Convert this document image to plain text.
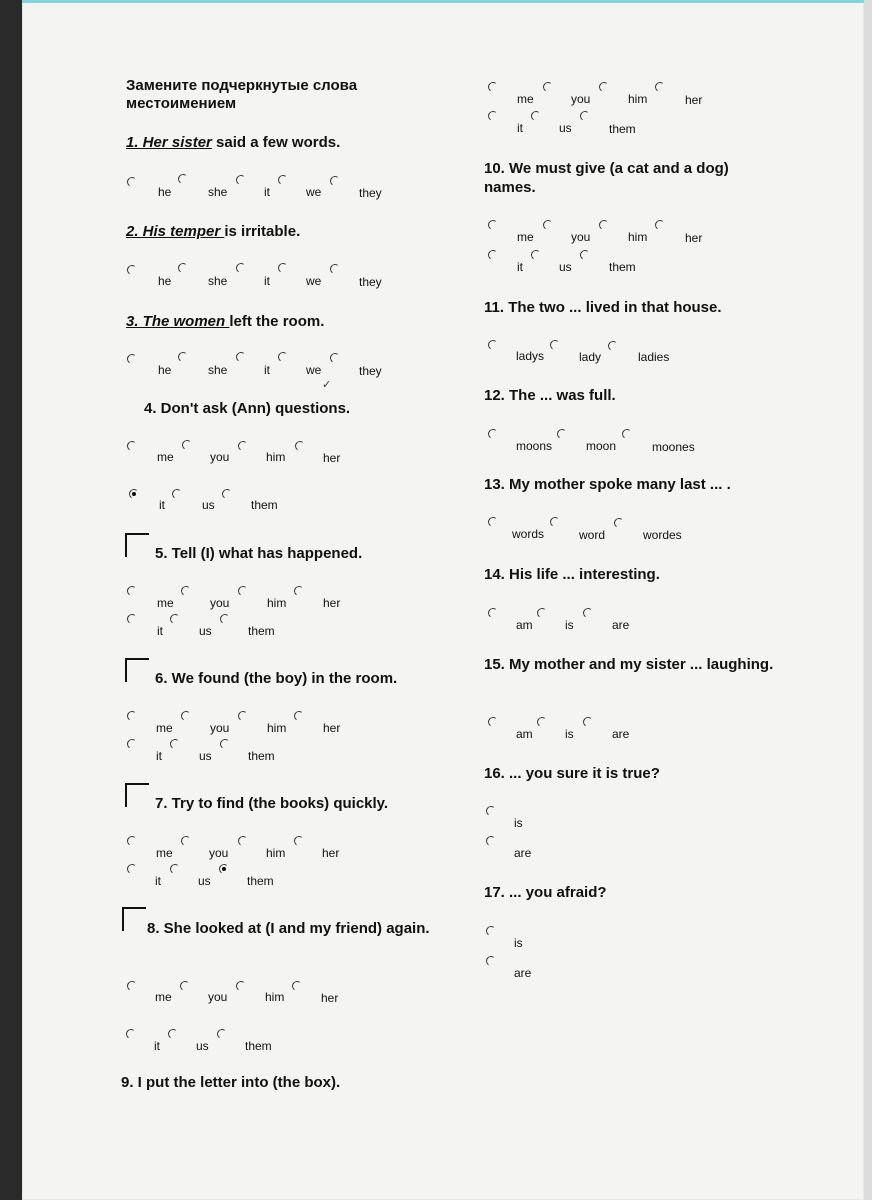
Замените подчеркнутые слова местоимением
1. Her sister said a few words.
he	she	it	we	they
2. His temper is irritable.
he	she	it	we	they
3. The women left the room.
he	she	it	we	they
✓
4. Don't ask (Ann) questions.
me	you	him	her
it	us	them
5. Tell (I) what has happened.
me	you	him	her
it	us	them
6. We found (the boy) in the room.
me	you	him	her
it	us	them
7. Try to find (the books) quickly.
me	you	him	her
it	us	them
8. She looked at (I and my friend) again.
me	you	him	her
it	us	them
9. I put the letter into (the box).
me	you	him	her
it	us	them
10. We must give (a cat and a dog) names.
me	you	him	her
it	us	them
11. The two ... lived in that house.
ladys	lady	ladies
12. The ... was full.
moons	moon	moones
13. My mother spoke many last ... .
words	word	wordes
14. His life ... interesting.
am	is	are
15. My mother and my sister ... laughing.
am	is	are
16. ... you sure it is true?
is
are
17. ... you afraid?
is
are
